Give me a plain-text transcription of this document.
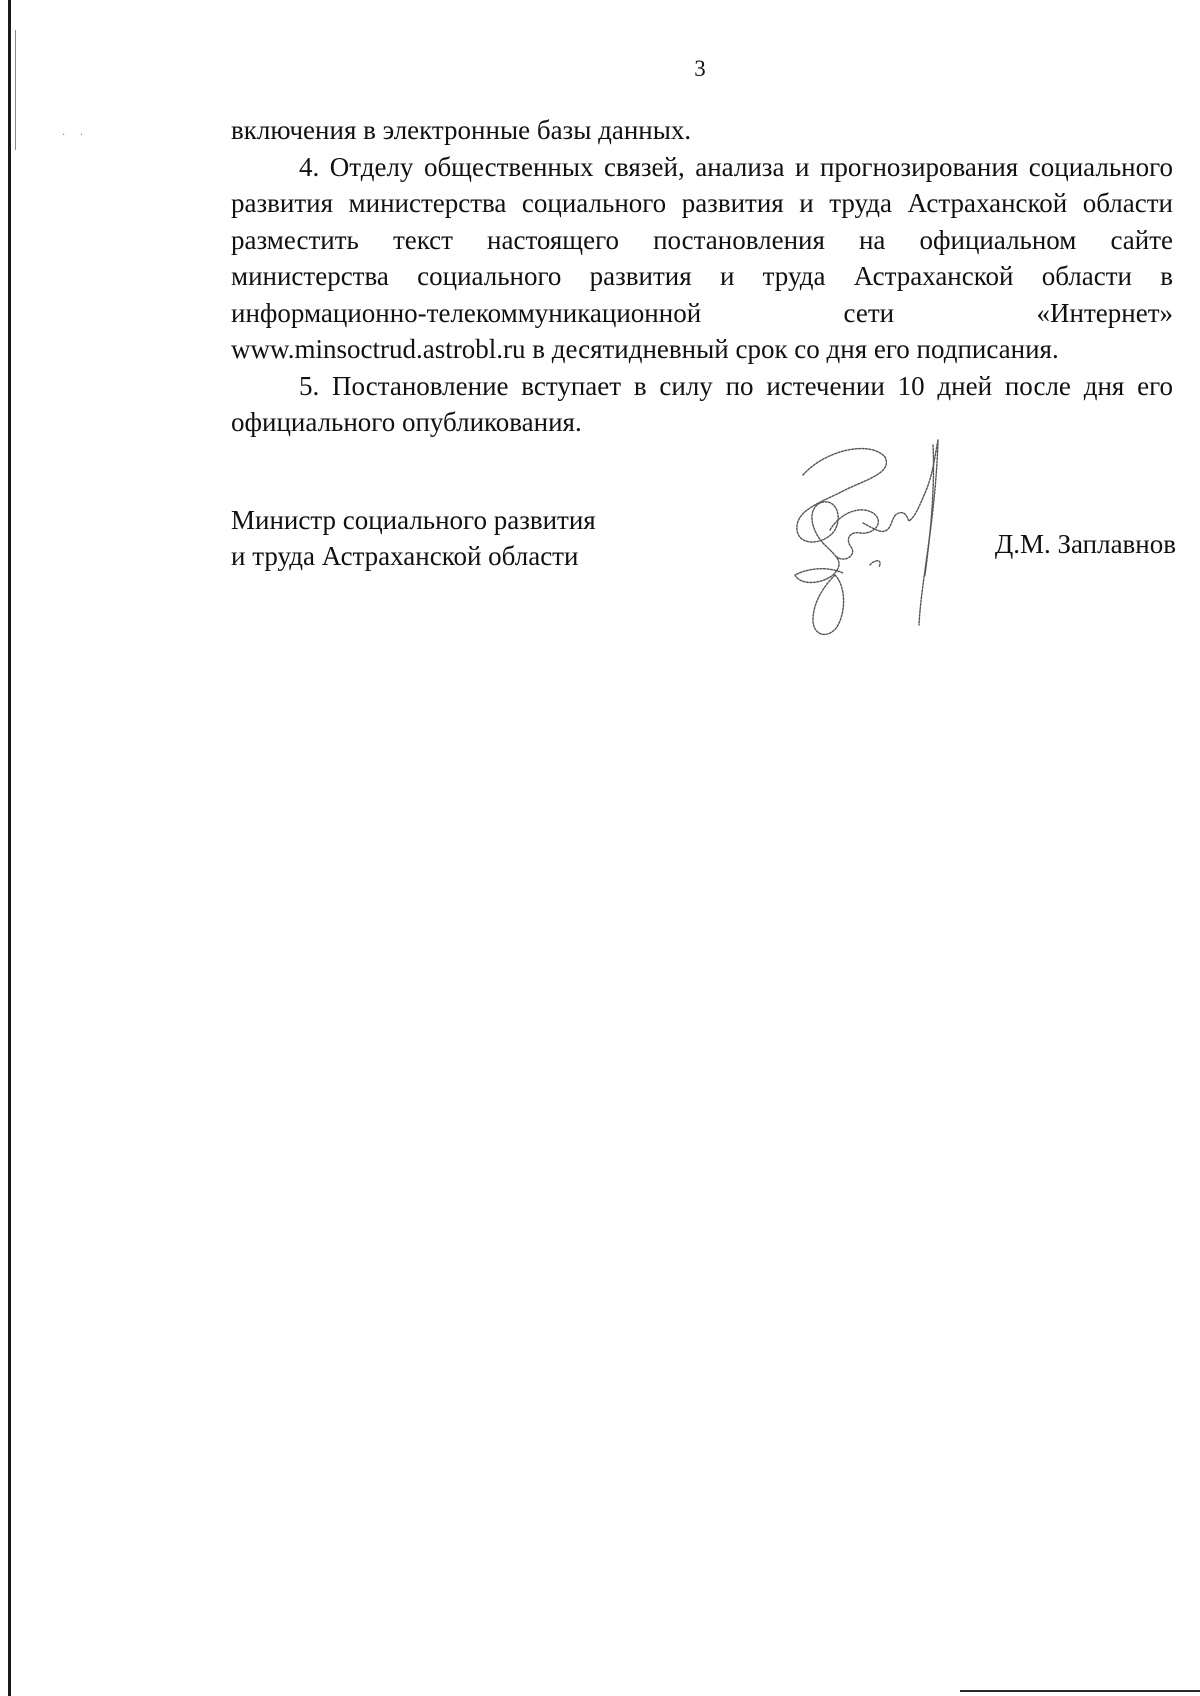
· ·
3

включения в электронные базы данных.

4. Отделу общественных связей, анализа и прогнозирования социального развития министерства социального развития и труда Астраханской области разместить текст настоящего постановления на официальном сайте министерства социального развития и труда Астраханской области в информационно-телекоммуникационной сети «Интернет» www.minsoctrud.astrobl.ru в десятидневный срок со дня его подписания.

5. Постановление вступает в силу по истечении 10 дней после дня его официального опубликования.

Министр социального развития
и труда Астраханской области	Д.М. Заплавнов
